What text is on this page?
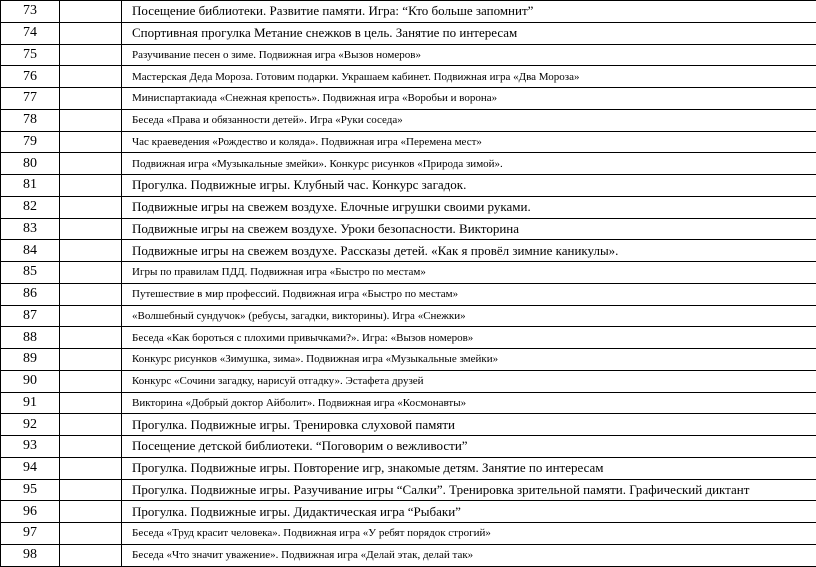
73		Посещение библиотеки. Развитие памяти. Игра: “Кто больше запомнит”
74		Спортивная прогулка Метание снежков в цель. Занятие по интересам
75		Разучивание песен о зиме. Подвижная игра «Вызов номеров»
76		Мастерская Деда Мороза. Готовим подарки. Украшаем кабинет. Подвижная игра «Два Мороза»
77		Миниспартакиада «Снежная крепость». Подвижная игра «Воробьи и ворона»
78		Беседа «Права и обязанности детей». Игра «Руки соседа»
79		Час краеведения «Рождество и коляда». Подвижная игра «Перемена мест»
80		Подвижная игра «Музыкальные змейки». Конкурс рисунков «Природа зимой».
81		Прогулка. Подвижные игры. Клубный час. Конкурс загадок.
82		Подвижные игры на свежем воздухе. Елочные игрушки своими руками.
83		Подвижные игры на свежем воздухе. Уроки безопасности. Викторина
84		Подвижные игры на свежем воздухе. Рассказы детей. «Как я провёл зимние каникулы».
85		Игры по правилам ПДД. Подвижная игра «Быстро по местам»
86		Путешествие в мир профессий. Подвижная игра «Быстро по местам»
87		«Волшебный сундучок» (ребусы, загадки, викторины). Игра «Снежки»
88		Беседа «Как бороться с плохими привычками?». Игра: «Вызов номеров»
89		Конкурс рисунков «Зимушка, зима». Подвижная игра «Музыкальные змейки»
90		Конкурс «Сочини загадку, нарисуй отгадку». Эстафета друзей
91		Викторина «Добрый доктор Айболит». Подвижная игра «Космонавты»
92		Прогулка. Подвижные игры. Тренировка слуховой памяти
93		Посещение детской библиотеки. “Поговорим о вежливости”
94		Прогулка. Подвижные игры. Повторение игр, знакомые детям. Занятие по интересам
95		Прогулка. Подвижные игры. Разучивание игры “Салки”. Тренировка зрительной памяти. Графический диктант
96		Прогулка. Подвижные игры. Дидактическая игра “Рыбаки”
97		Беседа «Труд красит человека». Подвижная игра «У ребят порядок строгий»
98		Беседа «Что значит уважение». Подвижная игра «Делай этак, делай так»
